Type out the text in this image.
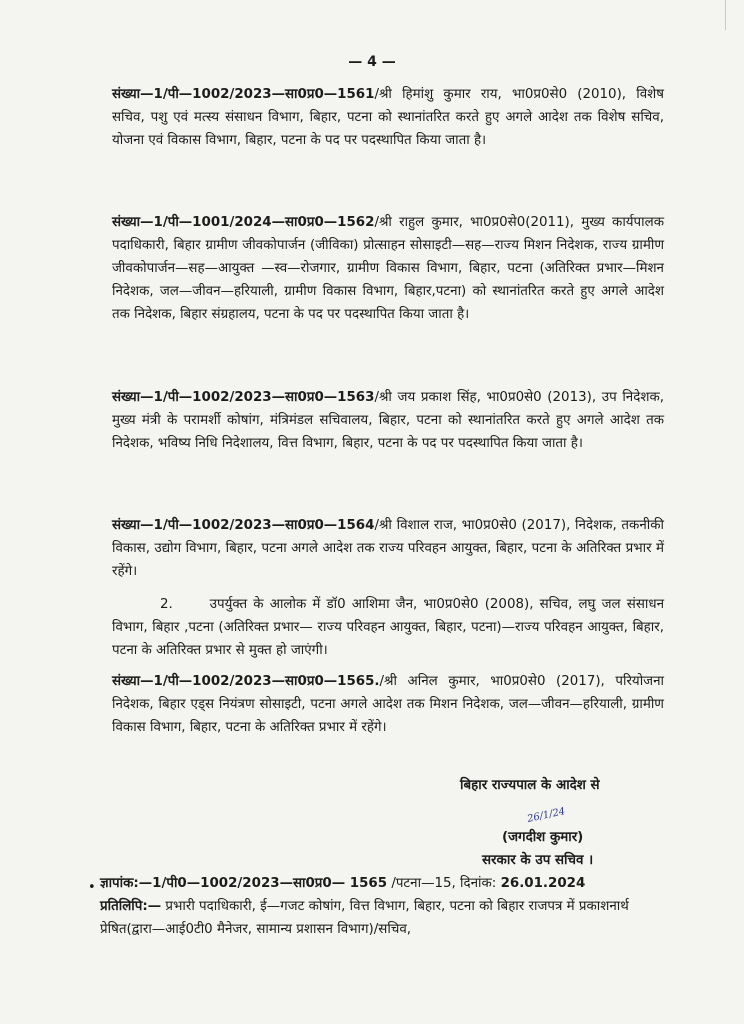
— 4 —
संख्या—1/पी—1002/2023—सा0प्र0—1561/श्री हिमांशु कुमार राय, भा0प्र0से0 (2010), विशेष सचिव, पशु एवं मत्स्य संसाधन विभाग, बिहार, पटना को स्थानांतरित करते हुए अगले आदेश तक विशेष सचिव, योजना एवं विकास विभाग, बिहार, पटना के पद पर पदस्थापित किया जाता है।
संख्या—1/पी—1001/2024—सा0प्र0—1562/श्री राहुल कुमार, भा0प्र0से0(2011), मुख्य कार्यपालक पदाधिकारी, बिहार ग्रामीण जीवकोपार्जन (जीविका) प्रोत्साहन सोसाइटी—सह—राज्य मिशन निदेशक, राज्य ग्रामीण जीवकोपार्जन—सह—आयुक्त —स्व—रोजगार, ग्रामीण विकास विभाग, बिहार, पटना (अतिरिक्त प्रभार—मिशन निदेशक, जल—जीवन—हरियाली, ग्रामीण विकास विभाग, बिहार,पटना) को स्थानांतरित करते हुए अगले आदेश तक निदेशक, बिहार संग्रहालय, पटना के पद पर पदस्थापित किया जाता है।
संख्या—1/पी—1002/2023—सा0प्र0—1563/श्री जय प्रकाश सिंह, भा0प्र0से0 (2013), उप निदेशक, मुख्य मंत्री के परामर्शी कोषांग, मंत्रिमंडल सचिवालय, बिहार, पटना को स्थानांतरित करते हुए अगले आदेश तक निदेशक, भविष्य निधि निदेशालय, वित्त विभाग, बिहार, पटना के पद पर पदस्थापित किया जाता है।
संख्या—1/पी—1002/2023—सा0प्र0—1564/श्री विशाल राज, भा0प्र0से0 (2017), निदेशक, तकनीकी विकास, उद्योग विभाग, बिहार, पटना अगले आदेश तक राज्य परिवहन आयुक्त, बिहार, पटना के अतिरिक्त प्रभार में रहेंगे।
2.	उपर्युक्त के आलोक में डॉ0 आशिमा जैन, भा0प्र0से0 (2008), सचिव, लघु जल संसाधन विभाग, बिहार ,पटना (अतिरिक्त प्रभार— राज्य परिवहन आयुक्त, बिहार, पटना)—राज्य परिवहन आयुक्त, बिहार, पटना के अतिरिक्त प्रभार से मुक्त हो जाएंगी।
संख्या—1/पी—1002/2023—सा0प्र0—1565./श्री अनिल कुमार, भा0प्र0से0 (2017), परियोजना निदेशक, बिहार एड्स नियंत्रण सोसाइटी, पटना अगले आदेश तक मिशन निदेशक, जल—जीवन—हरियाली, ग्रामीण विकास विभाग, बिहार, पटना के अतिरिक्त प्रभार में रहेंगे।
बिहार राज्यपाल के आदेश से
26/1/24
(जगदीश कुमार)
सरकार के उप सचिव ।
• ज्ञापांक:—1/पी0—1002/2023—सा0प्र0— 1565 /पटना—15, दिनांक: 26.01.2024
प्रतिलिपि:— प्रभारी पदाधिकारी, ई—गजट कोषांग, वित्त विभाग, बिहार, पटना को बिहार राजपत्र में प्रकाशनार्थ प्रेषित(द्वारा—आई0टी0 मैनेजर, सामान्य प्रशासन विभाग)/सचिव,
